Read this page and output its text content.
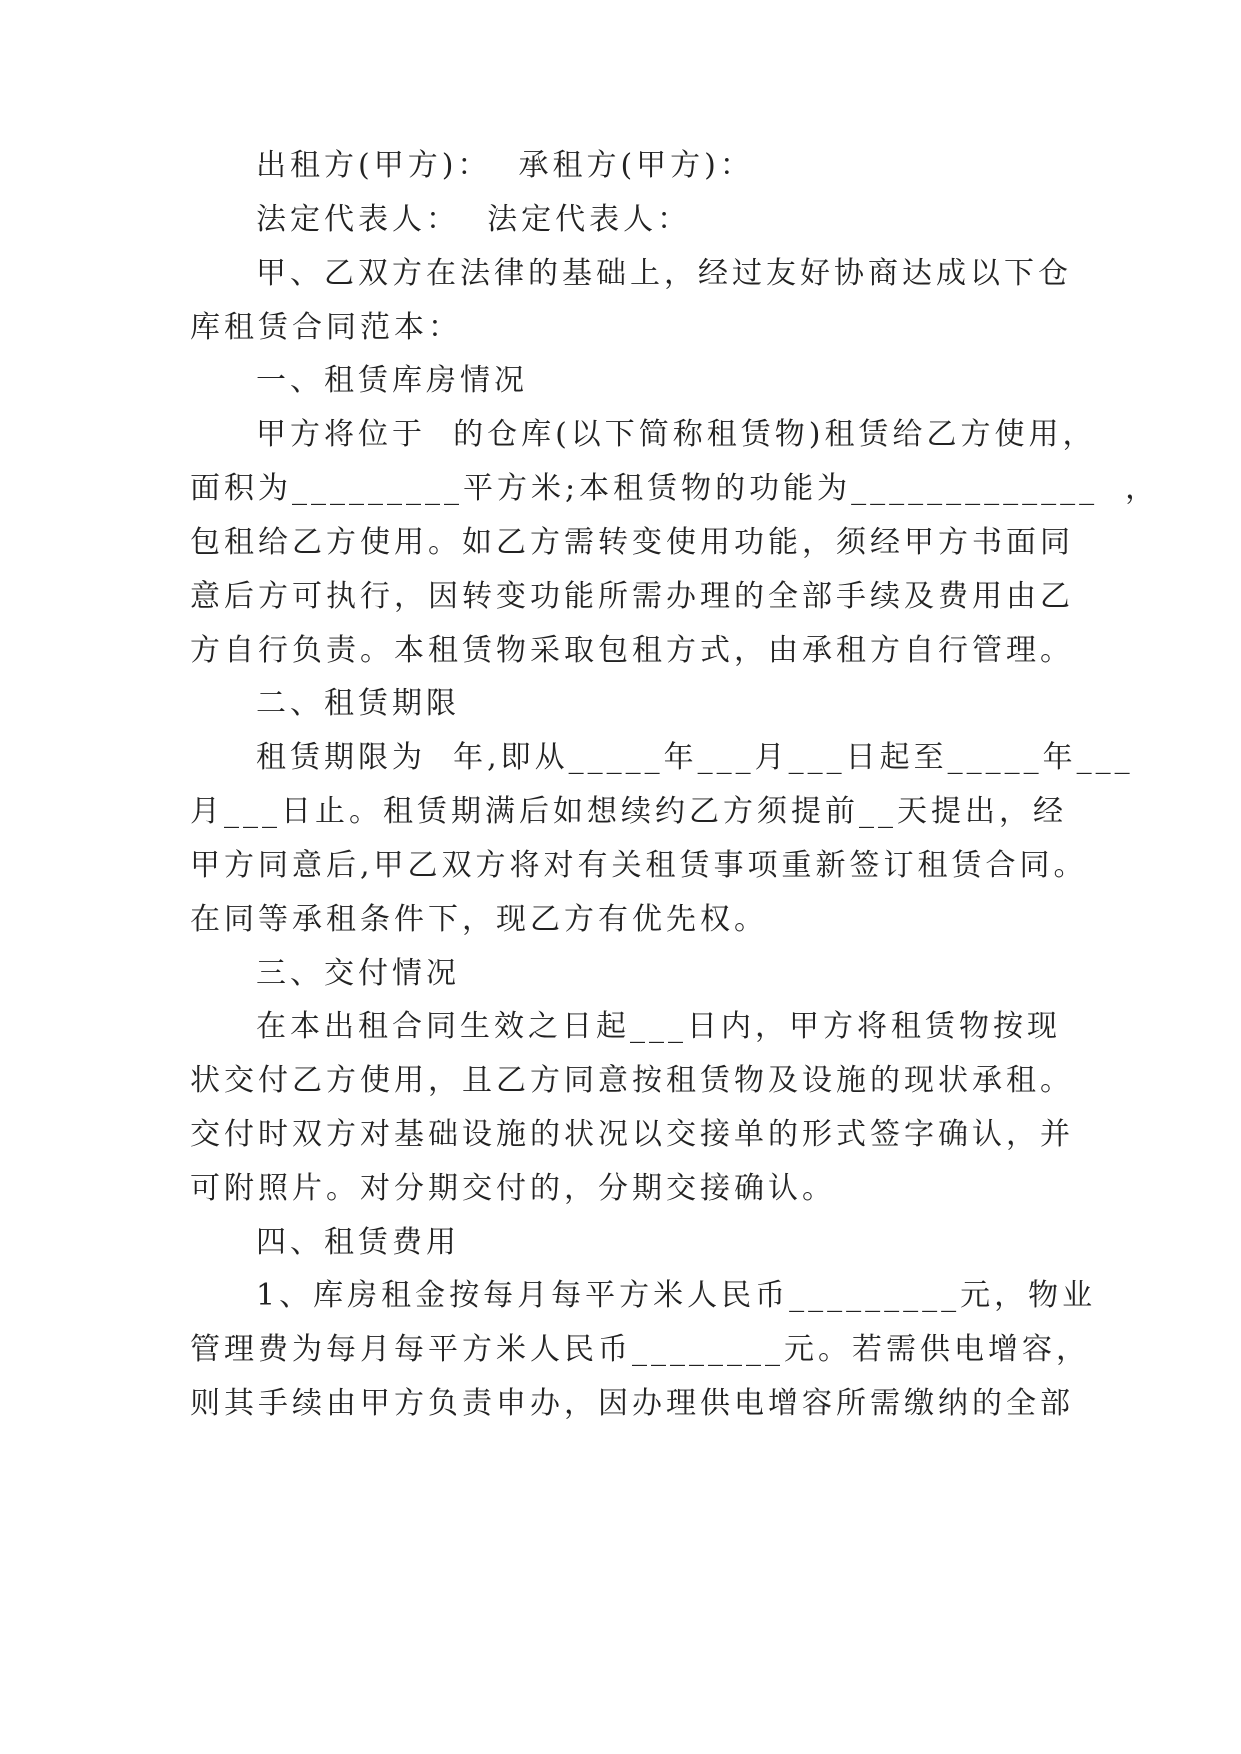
出租方(甲方)：  承租方(甲方)：
法定代表人：  法定代表人：
甲、乙双方在法律的基础上，经过友好协商达成以下仓
库租赁合同范本：
一、租赁库房情况
甲方将位于  的仓库(以下简称租赁物)租赁给乙方使用，
面积为_________平方米;本租赁物的功能为_____________  ，
包租给乙方使用。如乙方需转变使用功能，须经甲方书面同
意后方可执行，因转变功能所需办理的全部手续及费用由乙
方自行负责。本租赁物采取包租方式，由承租方自行管理。
二、租赁期限
租赁期限为  年,即从_____年___月___日起至_____年___
月___日止。租赁期满后如想续约乙方须提前__天提出，经
甲方同意后,甲乙双方将对有关租赁事项重新签订租赁合同。
在同等承租条件下，现乙方有优先权。
三、交付情况
在本出租合同生效之日起___日内，甲方将租赁物按现
状交付乙方使用，且乙方同意按租赁物及设施的现状承租。
交付时双方对基础设施的状况以交接单的形式签字确认，并
可附照片。对分期交付的，分期交接确认。
四、租赁费用
1、库房租金按每月每平方米人民币_________元，物业
管理费为每月每平方米人民币________元。若需供电增容，
则其手续由甲方负责申办，因办理供电增容所需缴纳的全部
